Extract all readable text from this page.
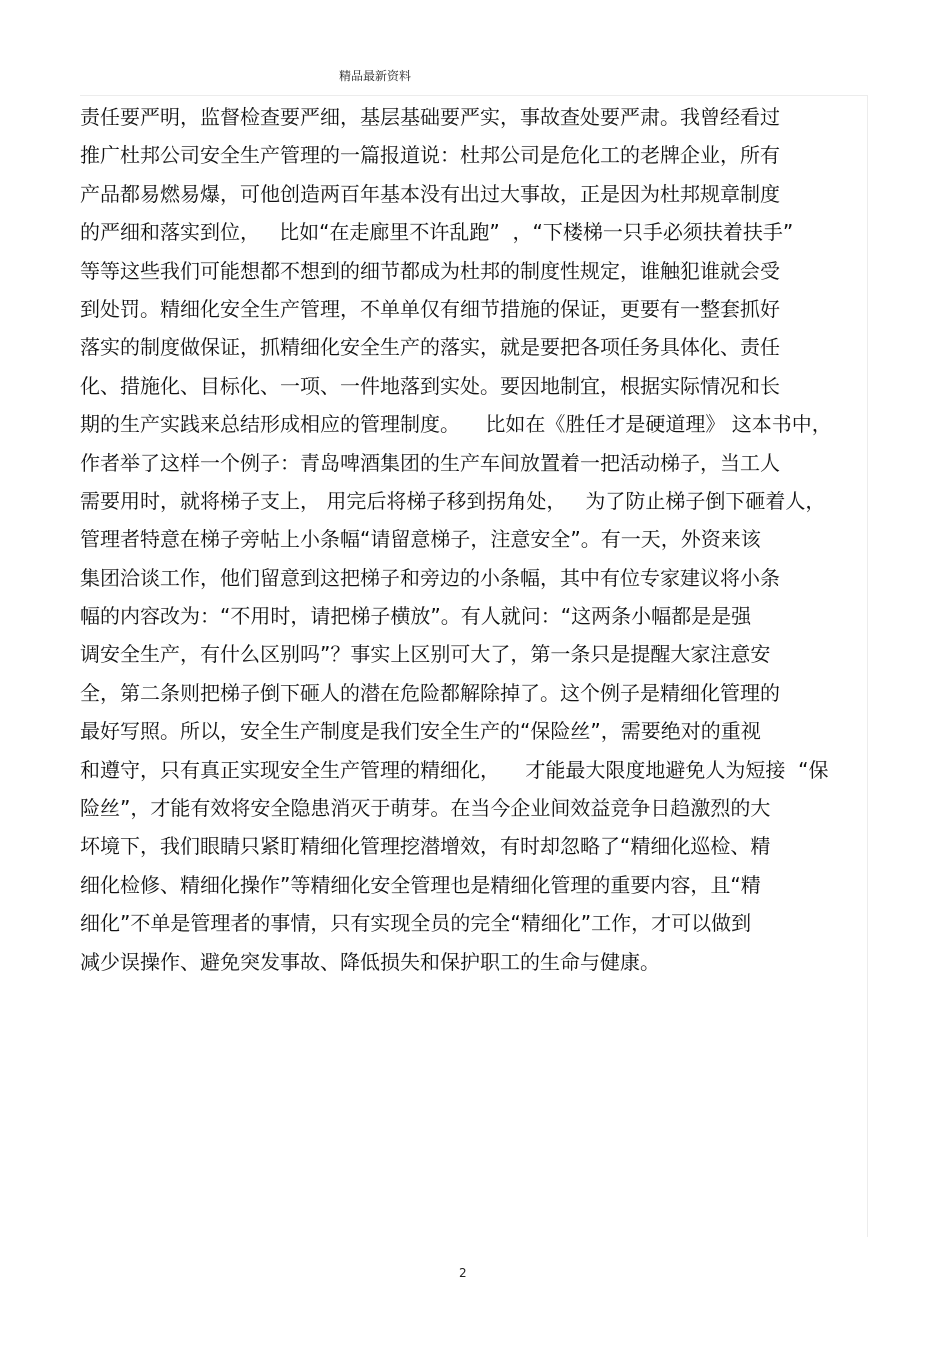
精品最新资料
责任要严明，监督检查要严细，基层基础要严实，事故查处要严肃。我曾经看过
推广杜邦公司安全生产管理的一篇报道说：杜邦公司是危化工的老牌企业，所有
产品都易燃易爆，可他创造两百年基本没有出过大事故，正是因为杜邦规章制度
的严细和落实到位，   比如“在走廊里不许乱跑”  ，“下楼梯一只手必须扶着扶手”
等等这些我们可能想都不想到的细节都成为杜邦的制度性规定，谁触犯谁就会受
到处罚。精细化安全生产管理，不单单仅有细节措施的保证，更要有一整套抓好
落实的制度做保证，抓精细化安全生产的落实，就是要把各项任务具体化、责任
化、措施化、目标化、一项、一件地落到实处。要因地制宜，根据实际情况和长
期的生产实践来总结形成相应的管理制度。    比如在《胜任才是硬道理》 这本书中，
作者举了这样一个例子：青岛啤酒集团的生产车间放置着一把活动梯子，当工人
需要用时，就将梯子支上， 用完后将梯子移到拐角处，   为了防止梯子倒下砸着人，
管理者特意在梯子旁帖上小条幅“请留意梯子，注意安全”。有一天，外资来该
集团洽谈工作，他们留意到这把梯子和旁边的小条幅，其中有位专家建议将小条
幅的内容改为：“不用时，请把梯子横放”。有人就问：“这两条小幅都是是强
调安全生产，有什么区别吗”？事实上区别可大了，第一条只是提醒大家注意安
全，第二条则把梯子倒下砸人的潜在危险都解除掉了。这个例子是精细化管理的
最好写照。所以，安全生产制度是我们安全生产的“保险丝”，需要绝对的重视
和遵守，只有真正实现安全生产管理的精细化，    才能最大限度地避免人为短接  “保
险丝”，才能有效将安全隐患消灭于萌芽。在当今企业间效益竞争日趋激烈的大
坏境下，我们眼睛只紧盯精细化管理挖潜增效，有时却忽略了“精细化巡检、精
细化检修、精细化操作”等精细化安全管理也是精细化管理的重要内容，且“精
细化”不单是管理者的事情，只有实现全员的完全“精细化”工作，才可以做到
减少误操作、避免突发事故、降低损失和保护职工的生命与健康。
2
